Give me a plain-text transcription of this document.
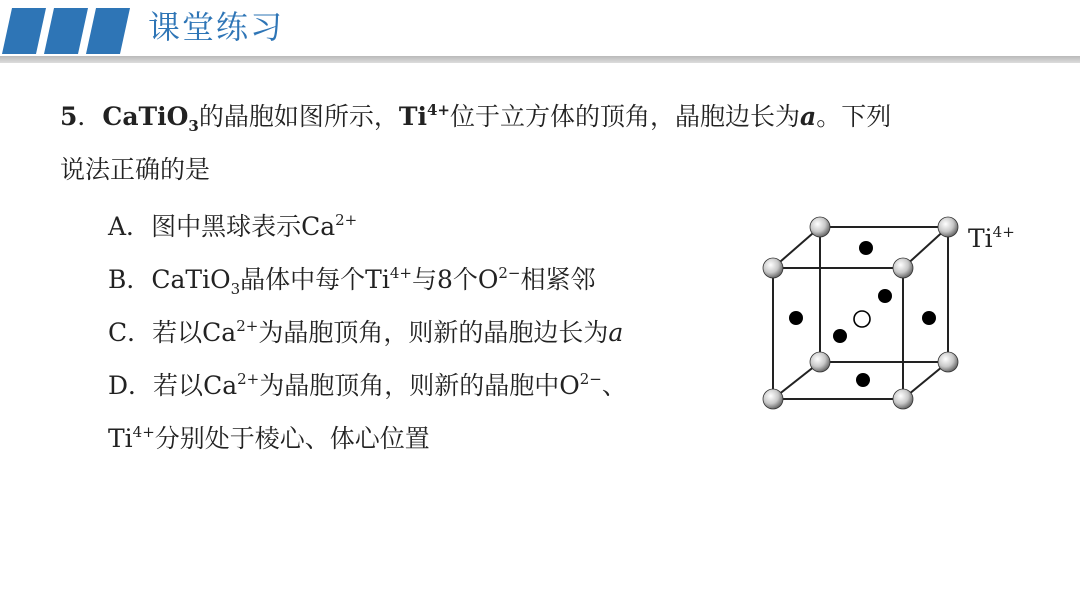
课堂练习
5．CaTiO$_3$的晶胞如图所示，$Ti^{4+}$位于立方体的顶角，晶胞边长为a。下列
说法正确的是
A．图中黑球表示$Ca^{2+}$
B．CaTiO$_3$晶体中每个$Ti^{4+}$与8个$O^{2-}$相紧邻
C．若以$Ca^{2+}$为晶胞顶角，则新的晶胞边长为a
D．若以$Ca^{2+}$为晶胞顶角，则新的晶胞中$O^{2-}$、
$Ti^{4+}$分别处于棱心、体心位置
$Ti^{4+}$
